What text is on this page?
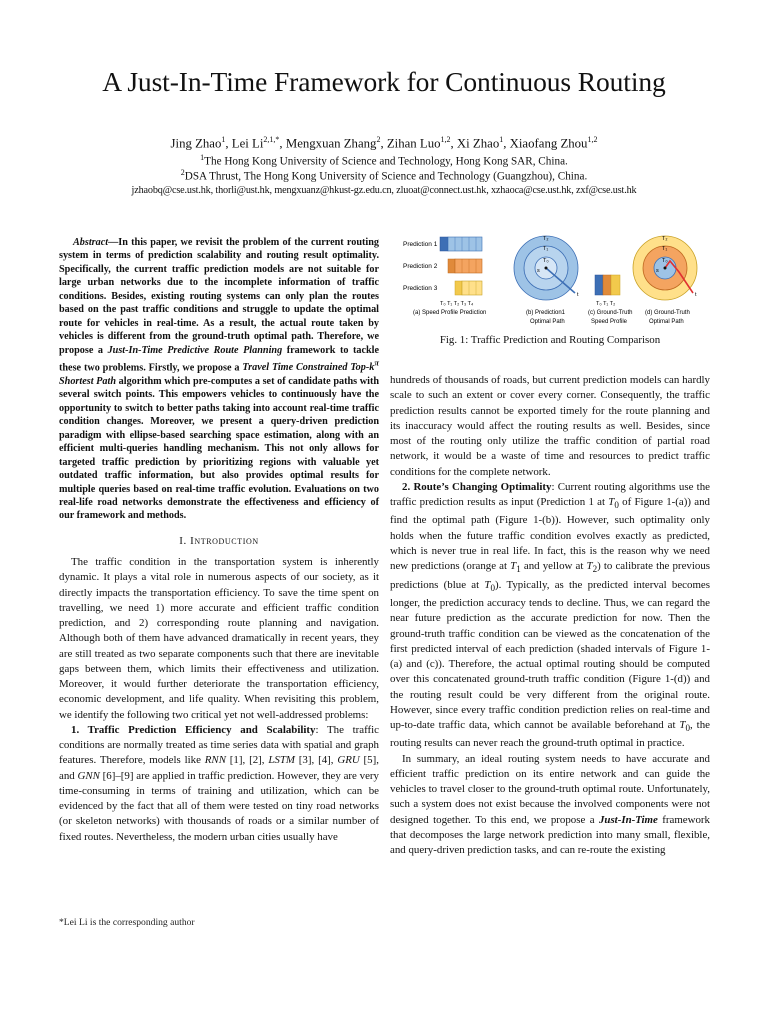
A Just-In-Time Framework for Continuous Routing
Jing Zhao$^1$, Lei $Li^{2,1,*}$, Mengxuan Zhang$^2$, Zihan Luo$^{1,2}$, Xi Zhao$^1$, Xiaofang Zhou$^{1,2}$
$^1$The Hong Kong University of Science and Technology, Hong Kong SAR, China.
$^2$DSA Thrust, The Hong Kong University of Science and Technology (Guangzhou), China.
jzhaobq@cse.ust.hk, thorli@ust.hk, mengxuanz@hkust-gz.edu.cn, zluoat@connect.ust.hk, xzhaoca@cse.ust.hk, zxf@cse.ust.hk
Abstract—In this paper, we revisit the problem of the current routing system in terms of prediction scalability and routing result optimality. Specifically, the current traffic prediction models are not suitable for large urban networks due to the incomplete information of traffic conditions. Besides, existing routing systems can only plan the routes based on the past traffic conditions and struggle to update the optimal route for vehicles in real-time. As a result, the actual route taken by vehicles is different from the ground-truth optimal path. Therefore, we propose a Just-In-Time Predictive Route Planning framework to tackle these two problems. Firstly, we propose a Travel Time Constrained Top-$k^\pi$ Shortest Path algorithm which pre-computes a set of candidate paths with several switch points. This empowers vehicles to continuously have the opportunity to switch to better paths taking into account real-time traffic condition changes. Moreover, we present a query-driven prediction paradigm with ellipse-based searching space estimation, along with an efficient multi-queries handling mechanism. This not only allows for targeted traffic prediction by prioritizing regions with valuable yet outdated traffic information, but also provides optimal results for multiple queries based on real-time traffic evolution. Evaluations on two real-life road networks demonstrate the effectiveness and efficiency of our framework and methods.
I. Introduction

The traffic condition in the transportation system is inherently dynamic. It plays a vital role in numerous aspects of our society, as it directly impacts the transportation efficiency. To save the time spent on travelling, we need 1) more accurate and efficient traffic condition prediction, and 2) corresponding route planning and navigation. Although both of them have advanced dramatically in recent years, they are still treated as two separate components such that there are inevitable gaps between them, which limits their effectiveness and utilization. Moreover, it would further deteriorate the transportation efficiency, economic development, and life quality. When revisiting this problem, we identify the following two critical yet not well-addressed problems:

1. Traffic Prediction Efficiency and Scalability: The traffic conditions are normally treated as time series data with spatial and graph features. Therefore, models like RNN [1], [2], LSTM [3], [4], GRU [5], and GNN [6]–[9] are applied in traffic prediction. However, they are very time-consuming in terms of training and utilization, which can be evidenced by the fact that all of them were tested on tiny road networks (or skeleton networks) with thousands of roads or a similar number of fixed routes. Nevertheless, the modern urban cities usually have

*Lei Li is the corresponding author
Prediction 1
Prediction 2
Prediction 3
T₀ T₁ T₂ T₃ T₄
(a) Speed Profile Prediction
T₂
T₁
T₀
s
t
(b) Prediction1
Optimal Path
T₀ T₁ T₂
(c) Ground-Truth
Speed Profile
T₂
T₁
T₀
s
t
(d) Ground-Truth
Optimal Path
Fig. 1: Traffic Prediction and Routing Comparison

hundreds of thousands of roads, but current prediction models can hardly scale to such an extent or cover every corner. Consequently, the traffic prediction results cannot be exported timely for the route planning and its inaccuracy would affect the routing results as well. Besides, since most of the routing only utilize the traffic condition of partial road network, it would be a waste of time and resources to predict traffic conditions for the complete network.

2. Route’s Changing Optimality: Current routing algorithms use the traffic prediction results as input (Prediction 1 at $T_0$ of Figure 1-(a)) and find the optimal path (Figure 1-(b)). However, such optimality only holds when the future traffic condition evolves exactly as predicted, which is never true in real life. In fact, this is the reason why we need new predictions (orange at $T_1$ and yellow at $T_2$) to calibrate the previous predictions (blue at $T_0$). Typically, as the predicted interval becomes longer, the prediction accuracy tends to decline. Thus, we can regard the near future prediction as the accurate prediction for now. Then the ground-truth traffic condition can be viewed as the concatenation of the first predicted interval of each prediction (shaded intervals of Figure 1-(a) and (c)). Therefore, the actual optimal routing should be computed over this concatenated ground-truth traffic condition (Figure 1-(d)) and the routing result could be very different from the original route. However, since every traffic condition prediction relies on real-time and up-to-date traffic data, which cannot be available beforehand at $T_0$, the routing results can never reach the ground-truth optimal in practice.

In summary, an ideal routing system needs to have accurate and efficient traffic prediction on its entire network and can guide the vehicles to travel closer to the ground-truth optimal route. Unfortunately, such a system does not exist because the involved components were not designed together. To this end, we propose a Just-In-Time framework that decomposes the large network prediction into many small, flexible, and query-driven prediction tasks, and can re-route the existing
